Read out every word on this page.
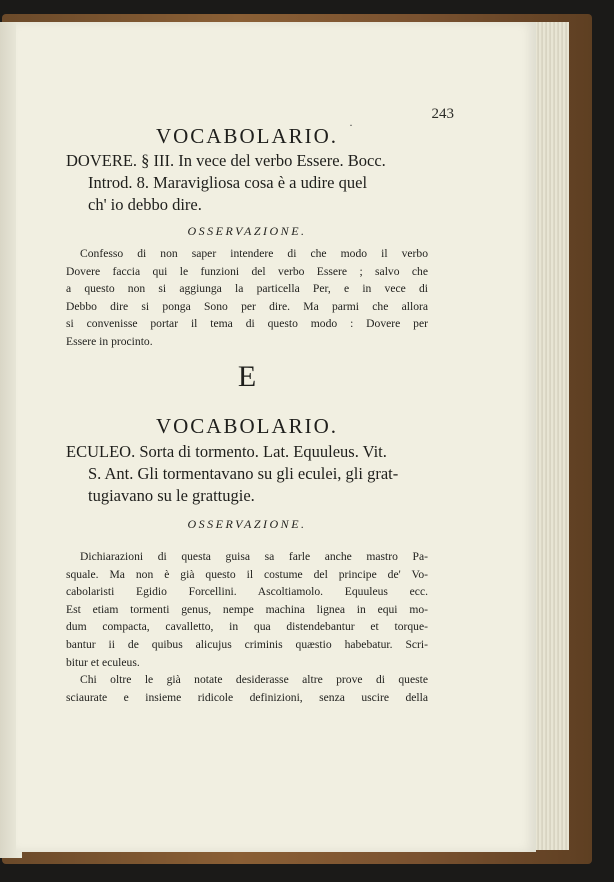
·
243
VOCABOLARIO.
DOVERE. § III. In vece del verbo Essere. Bocc.
Introd. 8. Maravigliosa cosa è a udire quel
ch' io debbo dire.
OSSERVAZIONE.
Confesso di non saper intendere di che modo il verbo
Dovere faccia qui le funzioni del verbo Essere ; salvo che
a questo non si aggiunga la particella Per, e in vece di
Debbo dire si ponga Sono per dire. Ma parmi che allora
si convenisse portar il tema di questo modo : Dovere per
Essere in procinto.
E
VOCABOLARIO.
ECULEO. Sorta di tormento. Lat. Equuleus. Vit.
S. Ant. Gli tormentavano su gli eculei, gli grat-
tugiavano su le grattugie.
OSSERVAZIONE.
Dichiarazioni di questa guisa sa farle anche mastro Pa-
squale. Ma non è già questo il costume del principe de' Vo-
cabolaristi Egidio Forcellini. Ascoltiamolo. Equuleus ecc.
Est etiam tormenti genus, nempe machina lignea in equi mo-
dum compacta, cavalletto, in qua distendebantur et torque-
bantur ii de quibus alicujus criminis quæstio habebatur. Scri-
bitur et eculeus.
Chi oltre le già notate desiderasse altre prove di queste
sciaurate e insieme ridicole definizioni, senza uscire della
